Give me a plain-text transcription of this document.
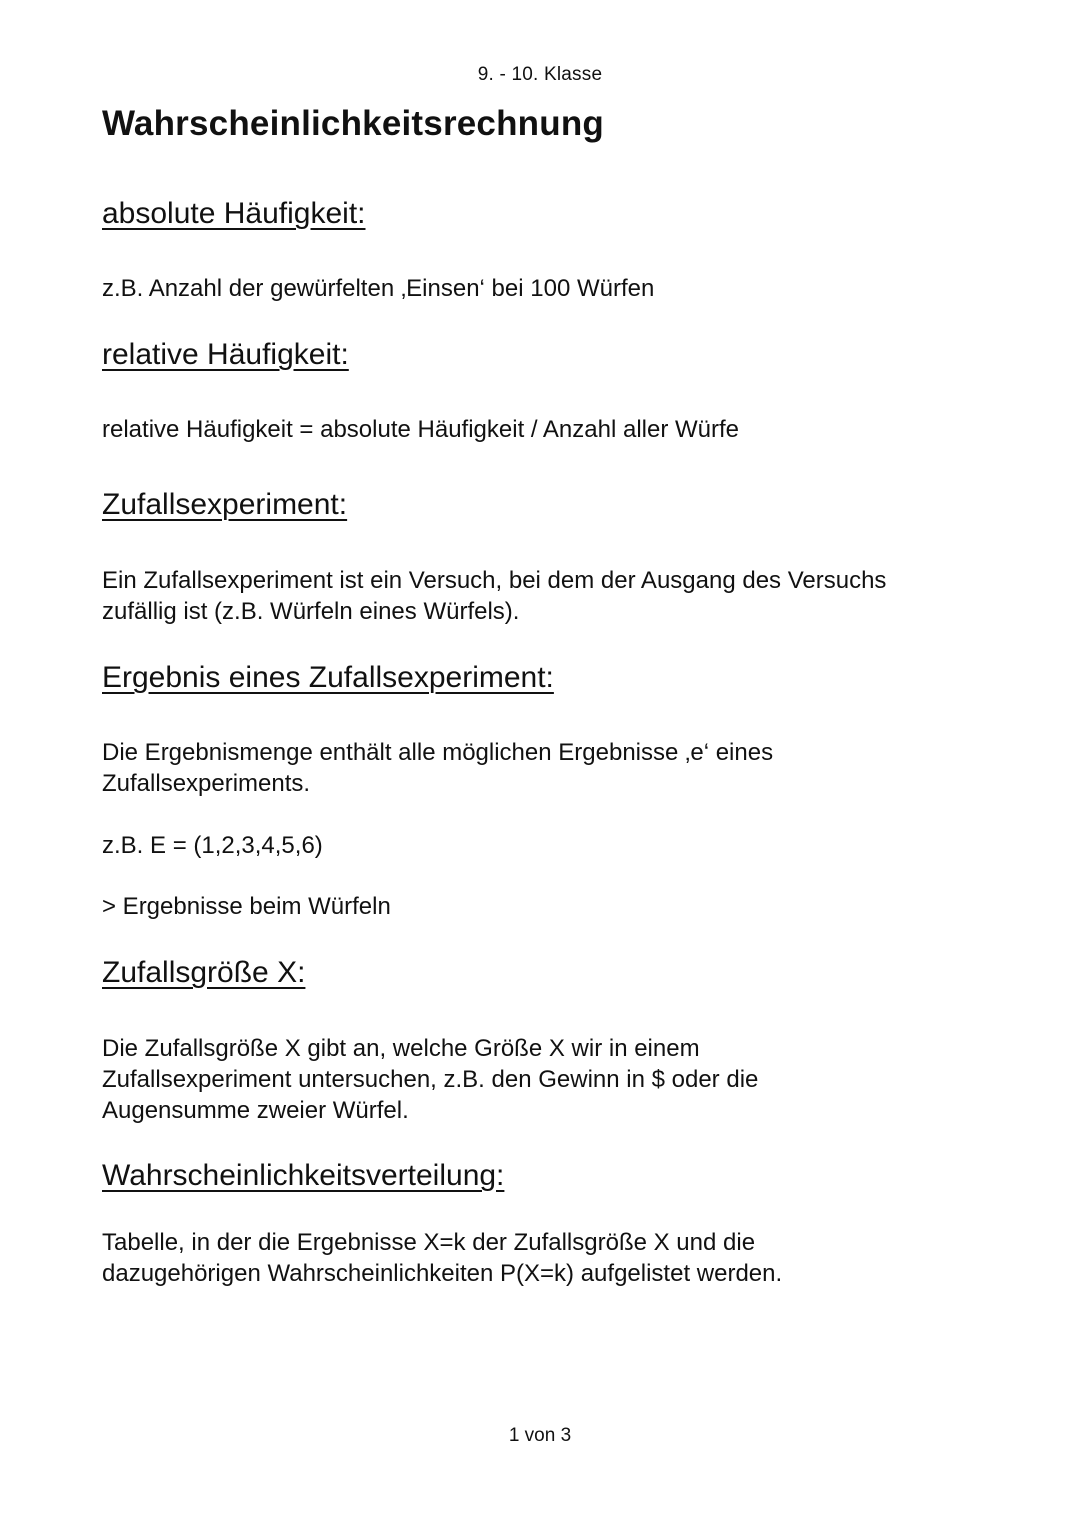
9. - 10. Klasse
Wahrscheinlichkeitsrechnung
absolute Häufigkeit:

z.B. Anzahl der gewürfelten ‚Einsen‘ bei 100 Würfen

relative Häufigkeit:

relative Häufigkeit = absolute Häufigkeit / Anzahl aller Würfe

Zufallsexperiment:

Ein Zufallsexperiment ist ein Versuch, bei dem der Ausgang des Versuchs zufällig ist (z.B. Würfeln eines Würfels).

Ergebnis eines Zufallsexperiment:

Die Ergebnismenge enthält alle möglichen Ergebnisse ‚e‘ eines Zufallsexperiments.

z.B. E = (1,2,3,4,5,6)

> Ergebnisse beim Würfeln

Zufallsgröße X:

Die Zufallsgröße X gibt an, welche Größe X wir in einem Zufallsexperiment untersuchen, z.B. den Gewinn in $ oder die Augensumme zweier Würfel.

Wahrscheinlichkeitsverteilung:

Tabelle, in der die Ergebnisse X=k der Zufallsgröße X und die dazugehörigen Wahrscheinlichkeiten P(X=k) aufgelistet werden.

1 von 3
